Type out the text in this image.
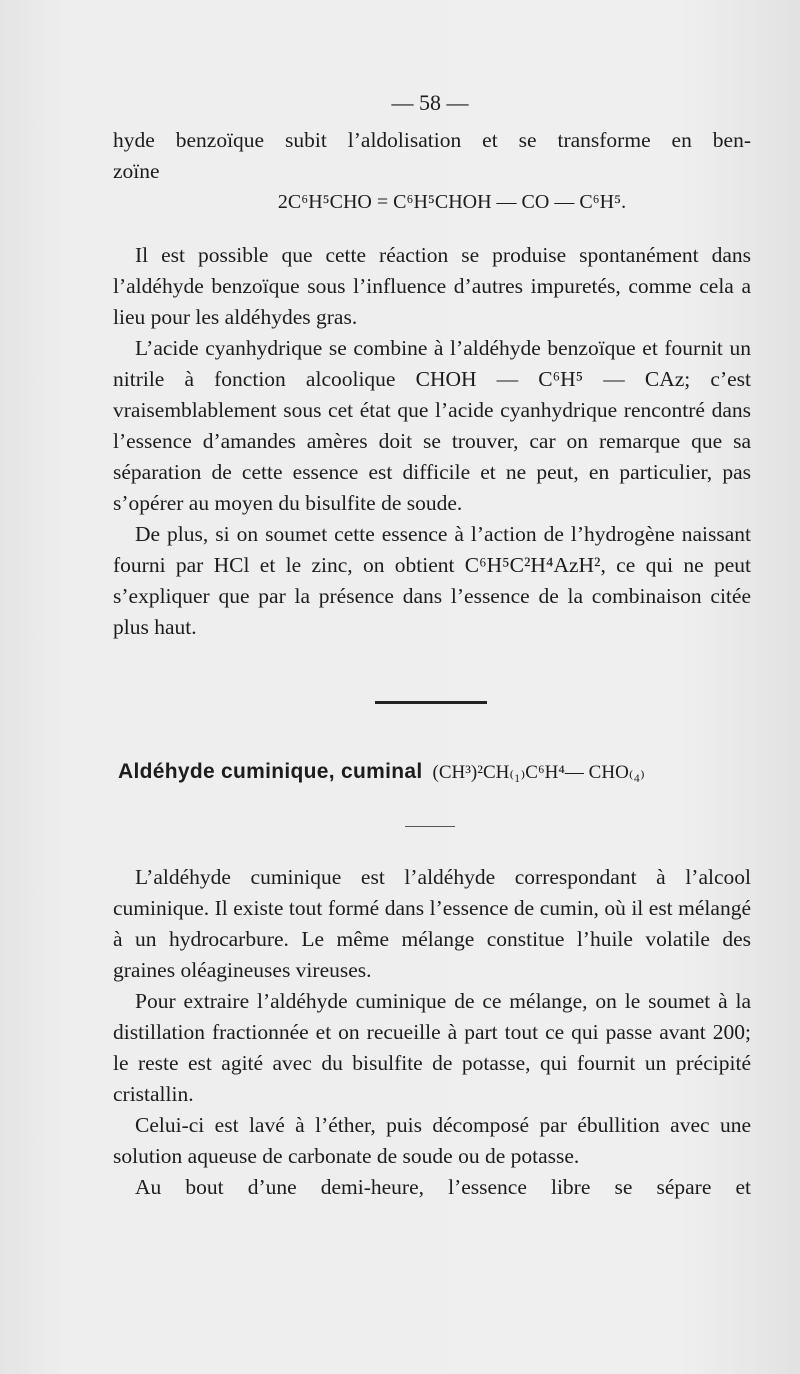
— 58 —

hyde benzoïque subit l’aldolisation et se transforme en ben-

zoïne

2C⁶H⁵CHO = C⁶H⁵CHOH — CO — C⁶H⁵.

Il est possible que cette réaction se produise spontanément dans l’aldéhyde benzoïque sous l’influence d’autres impuretés, comme cela a lieu pour les aldéhydes gras.

L’acide cyanhydrique se combine à l’aldéhyde benzoïque et fournit un nitrile à fonction alcoolique CHOH — C⁶H⁵ — CAz; c’est vraisemblablement sous cet état que l’acide cyanhydrique rencontré dans l’essence d’amandes amères doit se trouver, car on remarque que sa séparation de cette essence est difficile et ne peut, en particulier, pas s’opérer au moyen du bisulfite de soude.

De plus, si on soumet cette essence à l’action de l’hydrogène naissant fourni par HCl et le zinc, on obtient C⁶H⁵C²H⁴AzH², ce qui ne peut s’expliquer que par la présence dans l’essence de la combinaison citée plus haut.

Aldéhyde cuminique, cuminal (CH³)²CH₍₁₎C⁶H⁴— CHO₍₄₎

L’aldéhyde cuminique est l’aldéhyde correspondant à l’alcool cuminique. Il existe tout formé dans l’essence de cumin, où il est mélangé à un hydrocarbure. Le même mélange constitue l’huile volatile des graines oléagineuses vireuses.

Pour extraire l’aldéhyde cuminique de ce mélange, on le soumet à la distillation fractionnée et on recueille à part tout ce qui passe avant 200; le reste est agité avec du bisulfite de potasse, qui fournit un précipité cristallin.

Celui-ci est lavé à l’éther, puis décomposé par ébullition avec une solution aqueuse de carbonate de soude ou de potasse.

Au bout d’une demi-heure, l’essence libre se sépare et
